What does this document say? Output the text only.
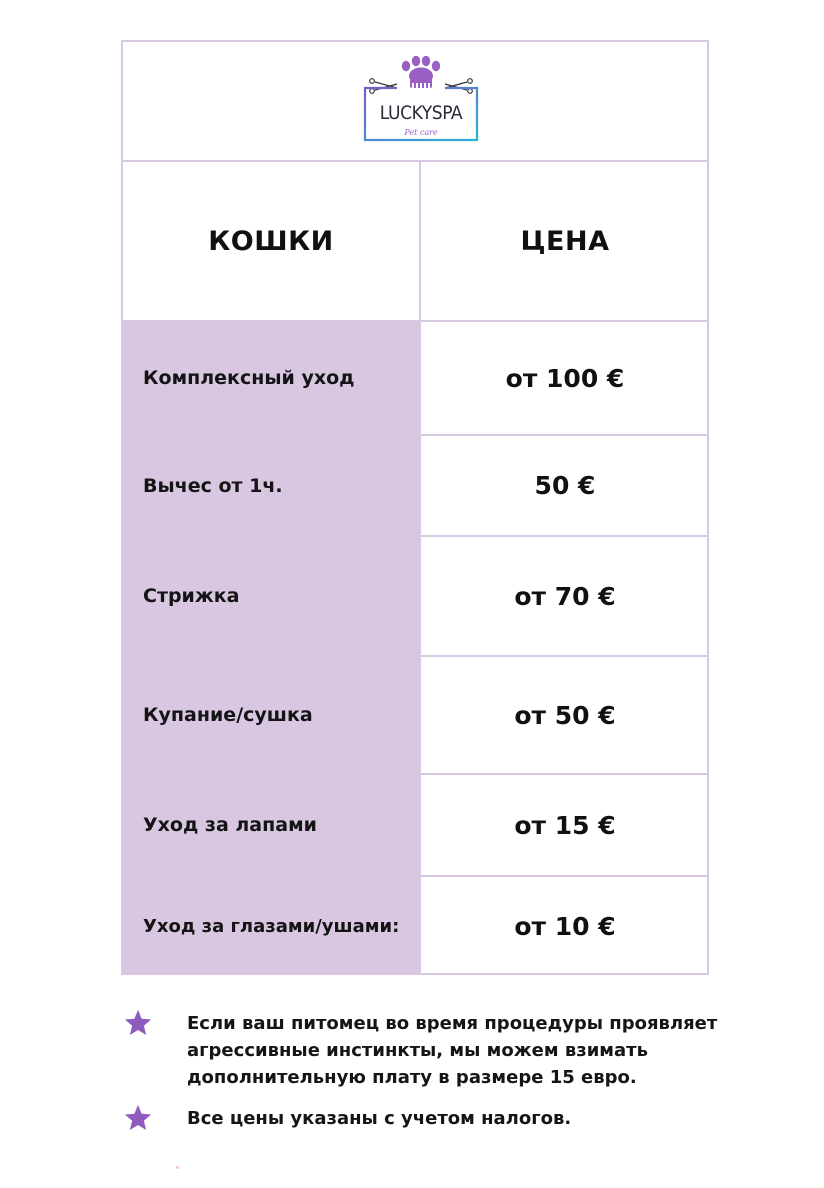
LUCKYSPA
Pet care
КОШКИ	ЦЕНА
Комплексный уход	от 100 €
Вычес от 1ч.	50 €
Стрижка	от 70 €
Купание/сушка	от 50 €
Уход за лапами	от 15 €
Уход за глазами/ушами:	от 10 €
Если ваш питомец во время процедуры проявляет агрессивные инстинкты, мы можем взимать дополнительную плату в размере 15 евро.
Все цены указаны с учетом налогов.
